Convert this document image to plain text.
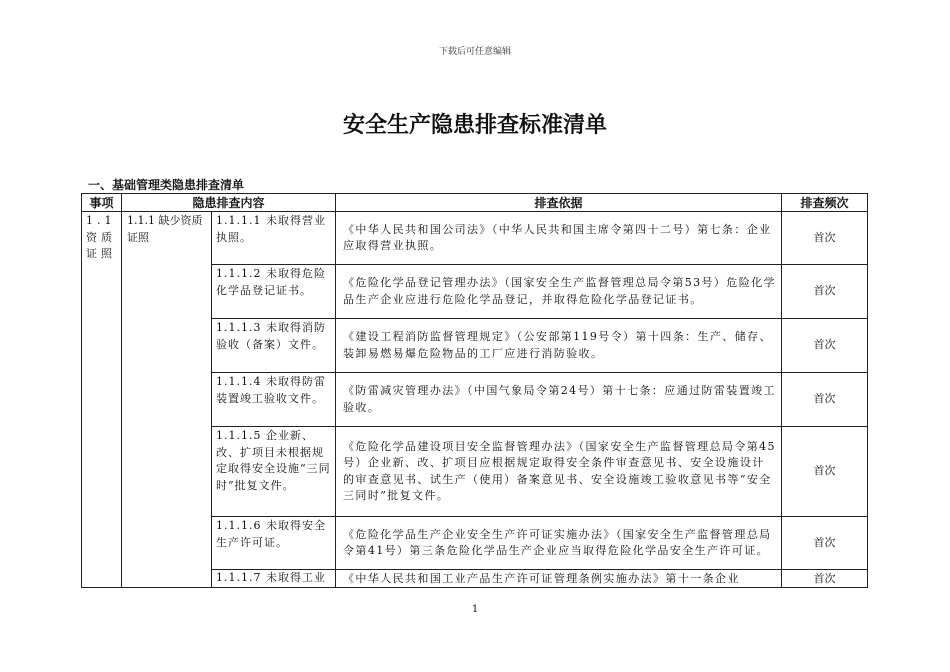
下载后可任意编辑
安全生产隐患排查标准清单
一、基础管理类隐患排查清单
事项	隐患排查内容		排查依据	排查频次
1.1 资质证照	1.1.1 缺少资质证照	1.1.1.1 未取得营业执照。	《中华人民共和国公司法》（中华人民共和国主席令第四十二号）第七条：企业应取得营业执照。	首次
		1.1.1.2 未取得危险化学品登记证书。	《危险化学品登记管理办法》（国家安全生产监督管理总局令第53号）危险化学品生产企业应进行危险化学品登记，并取得危险化学品登记证书。	首次
		1.1.1.3 未取得消防验收（备案）文件。	《建设工程消防监督管理规定》（公安部第119号令）第十四条：生产、储存、装卸易燃易爆危险物品的工厂应进行消防验收。	首次
		1.1.1.4 未取得防雷装置竣工验收文件。	《防雷减灾管理办法》（中国气象局令第24号）第十七条：应通过防雷装置竣工验收。	首次
		1.1.1.5 企业新、改、扩项目未根据规定取得安全设施“三同时”批复文件。	《危险化学品建设项目安全监督管理办法》（国家安全生产监督管理总局令第45号）企业新、改、扩项目应根据规定取得安全条件审查意见书、安全设施设计的审查意见书、试生产（使用）备案意见书、安全设施竣工验收意见书等“安全三同时”批复文件。	首次
		1.1.1.6 未取得安全生产许可证。	《危险化学品生产企业安全生产许可证实施办法》（国家安全生产监督管理总局令第41号）第三条危险化学品生产企业应当取得危险化学品安全生产许可证。	首次
		1.1.1.7 未取得工业	《中华人民共和国工业产品生产许可证管理条例实施办法》第十一条企业	首次
1
